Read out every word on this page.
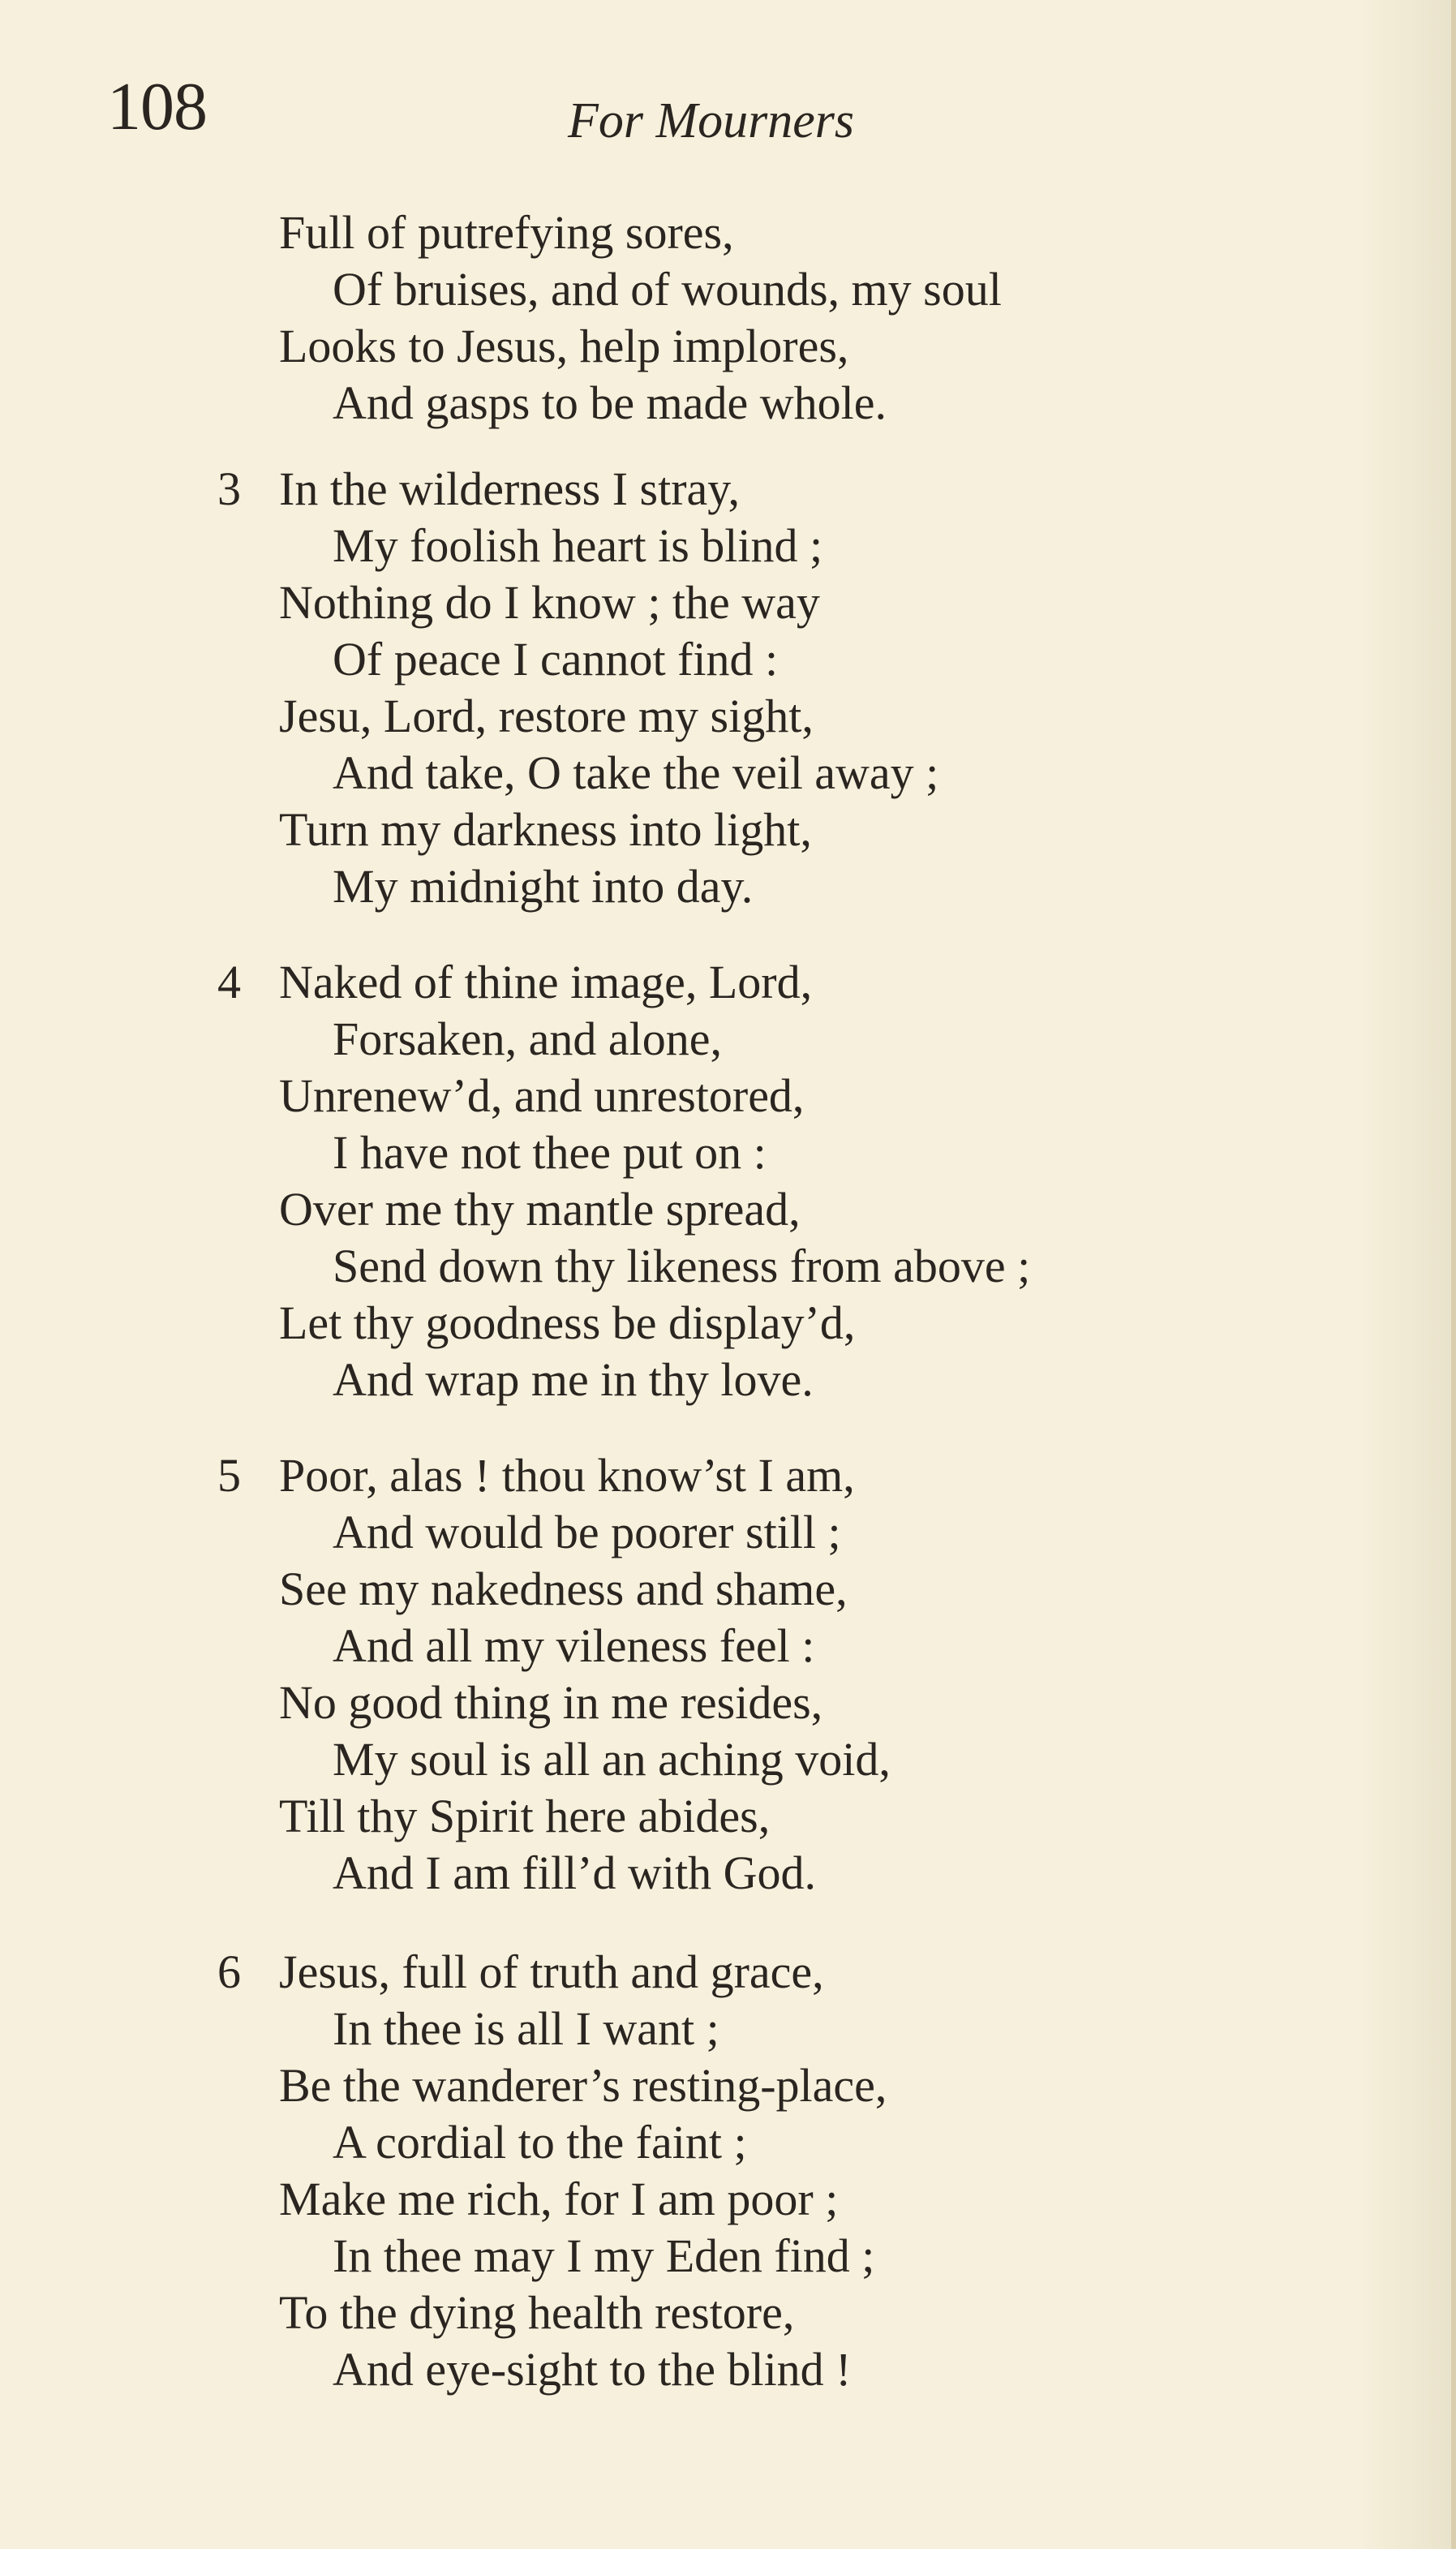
108	For Mourners
Full of putrefying sores,
Of bruises, and of wounds, my soul
Looks to Jesus, help implores,
And gasps to be made whole.
3 In the wilderness I stray,
My foolish heart is blind ;
Nothing do I know ; the way
Of peace I cannot find :
Jesu, Lord, restore my sight,
And take, O take the veil away ;
Turn my darkness into light,
My midnight into day.
4 Naked of thine image, Lord,
Forsaken, and alone,
Unrenew’d, and unrestored,
I have not thee put on :
Over me thy mantle spread,
Send down thy likeness from above ;
Let thy goodness be display’d,
And wrap me in thy love.
5 Poor, alas ! thou know’st I am,
And would be poorer still ;
See my nakedness and shame,
And all my vileness feel :
No good thing in me resides,
My soul is all an aching void,
Till thy Spirit here abides,
And I am fill’d with God.
6 Jesus, full of truth and grace,
In thee is all I want ;
Be the wanderer’s resting-place,
A cordial to the faint ;
Make me rich, for I am poor ;
In thee may I my Eden find ;
To the dying health restore,
And eye-sight to the blind !
